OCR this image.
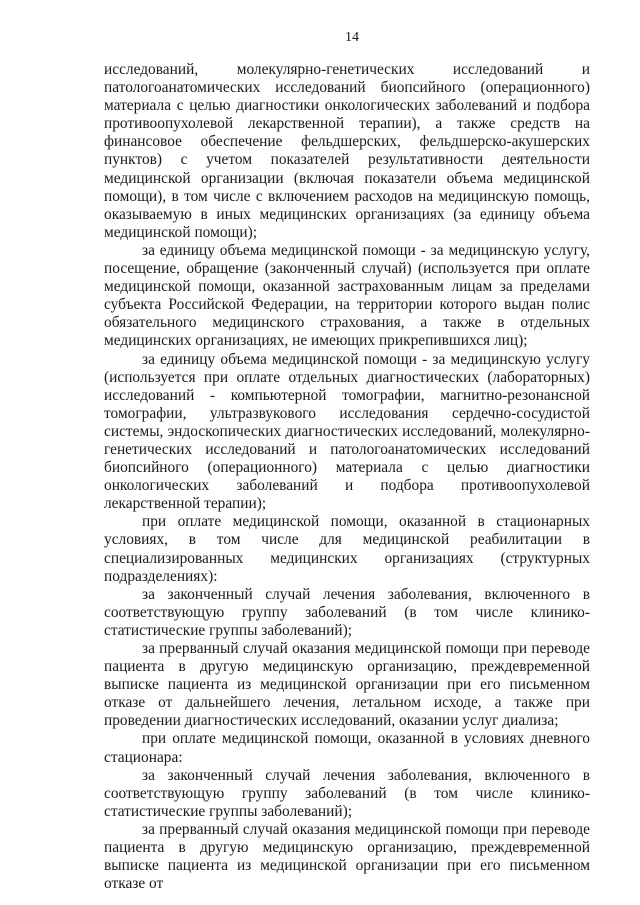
14

исследований, молекулярно-генетических исследований и патологоанатомических исследований биопсийного (операционного) материала с целью диагностики онкологических заболеваний и подбора противоопухолевой лекарственной терапии), а также средств на финансовое обеспечение фельдшерских, фельдшерско-акушерских пунктов) с учетом показателей результативности деятельности медицинской организации (включая показатели объема медицинской помощи), в том числе с включением расходов на медицинскую помощь, оказываемую в иных медицинских организациях (за единицу объема медицинской помощи);

за единицу объема медицинской помощи - за медицинскую услугу, посещение, обращение (законченный случай) (используется при оплате медицинской помощи, оказанной застрахованным лицам за пределами субъекта Российской Федерации, на территории которого выдан полис обязательного медицинского страхования, а также в отдельных медицинских организациях, не имеющих прикрепившихся лиц);

за единицу объема медицинской помощи - за медицинскую услугу (используется при оплате отдельных диагностических (лабораторных) исследований - компьютерной томографии, магнитно-резонансной томографии, ультразвукового исследования сердечно-сосудистой системы, эндоскопических диагностических исследований, молекулярно-генетических исследований и патологоанатомических исследований биопсийного (операционного) материала с целью диагностики онкологических заболеваний и подбора противоопухолевой лекарственной терапии);

при оплате медицинской помощи, оказанной в стационарных условиях, в том числе для медицинской реабилитации в специализированных медицинских организациях (структурных подразделениях):

за законченный случай лечения заболевания, включенного в соответствующую группу заболеваний (в том числе клинико-статистические группы заболеваний);

за прерванный случай оказания медицинской помощи при переводе пациента в другую медицинскую организацию, преждевременной выписке пациента из медицинской организации при его письменном отказе от дальнейшего лечения, летальном исходе, а также при проведении диагностических исследований, оказании услуг диализа;

при оплате медицинской помощи, оказанной в условиях дневного стационара:

за законченный случай лечения заболевания, включенного в соответствующую группу заболеваний (в том числе клинико-статистические группы заболеваний);

за прерванный случай оказания медицинской помощи при переводе пациента в другую медицинскую организацию, преждевременной выписке пациента из медицинской организации при его письменном отказе от
